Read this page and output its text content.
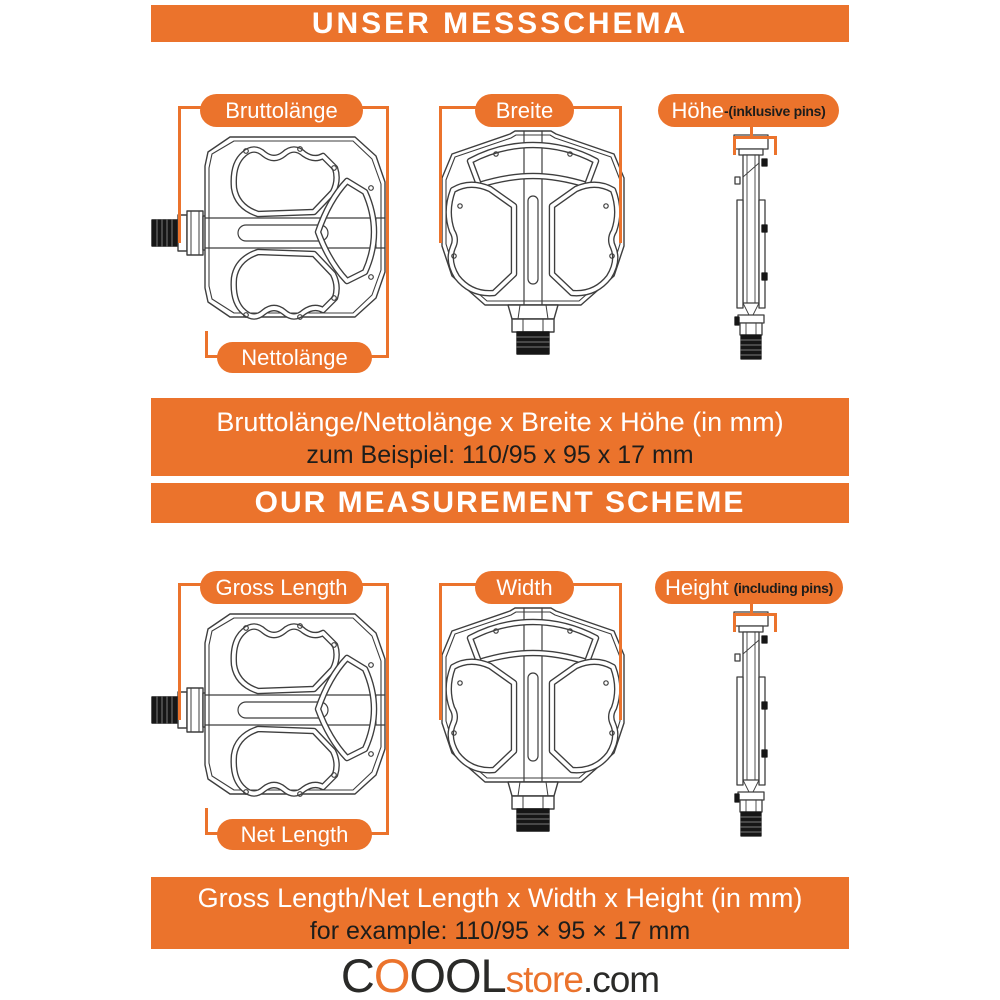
UNSER MESSSCHEMA
Bruttolänge
Nettolänge
Breite	Höhe -(inklusive pins)
Bruttolänge/Nettolänge x Breite x Höhe (in mm)
zum Beispiel: 110/95 x 95 x 17 mm
OUR MEASUREMENT SCHEME
Gross Length
Net Length
Width	Height (including pins)
Gross Length/Net Length x Width x Height (in mm)
for example: 110/95 × 95 × 17 mm
C O O O L store .com
